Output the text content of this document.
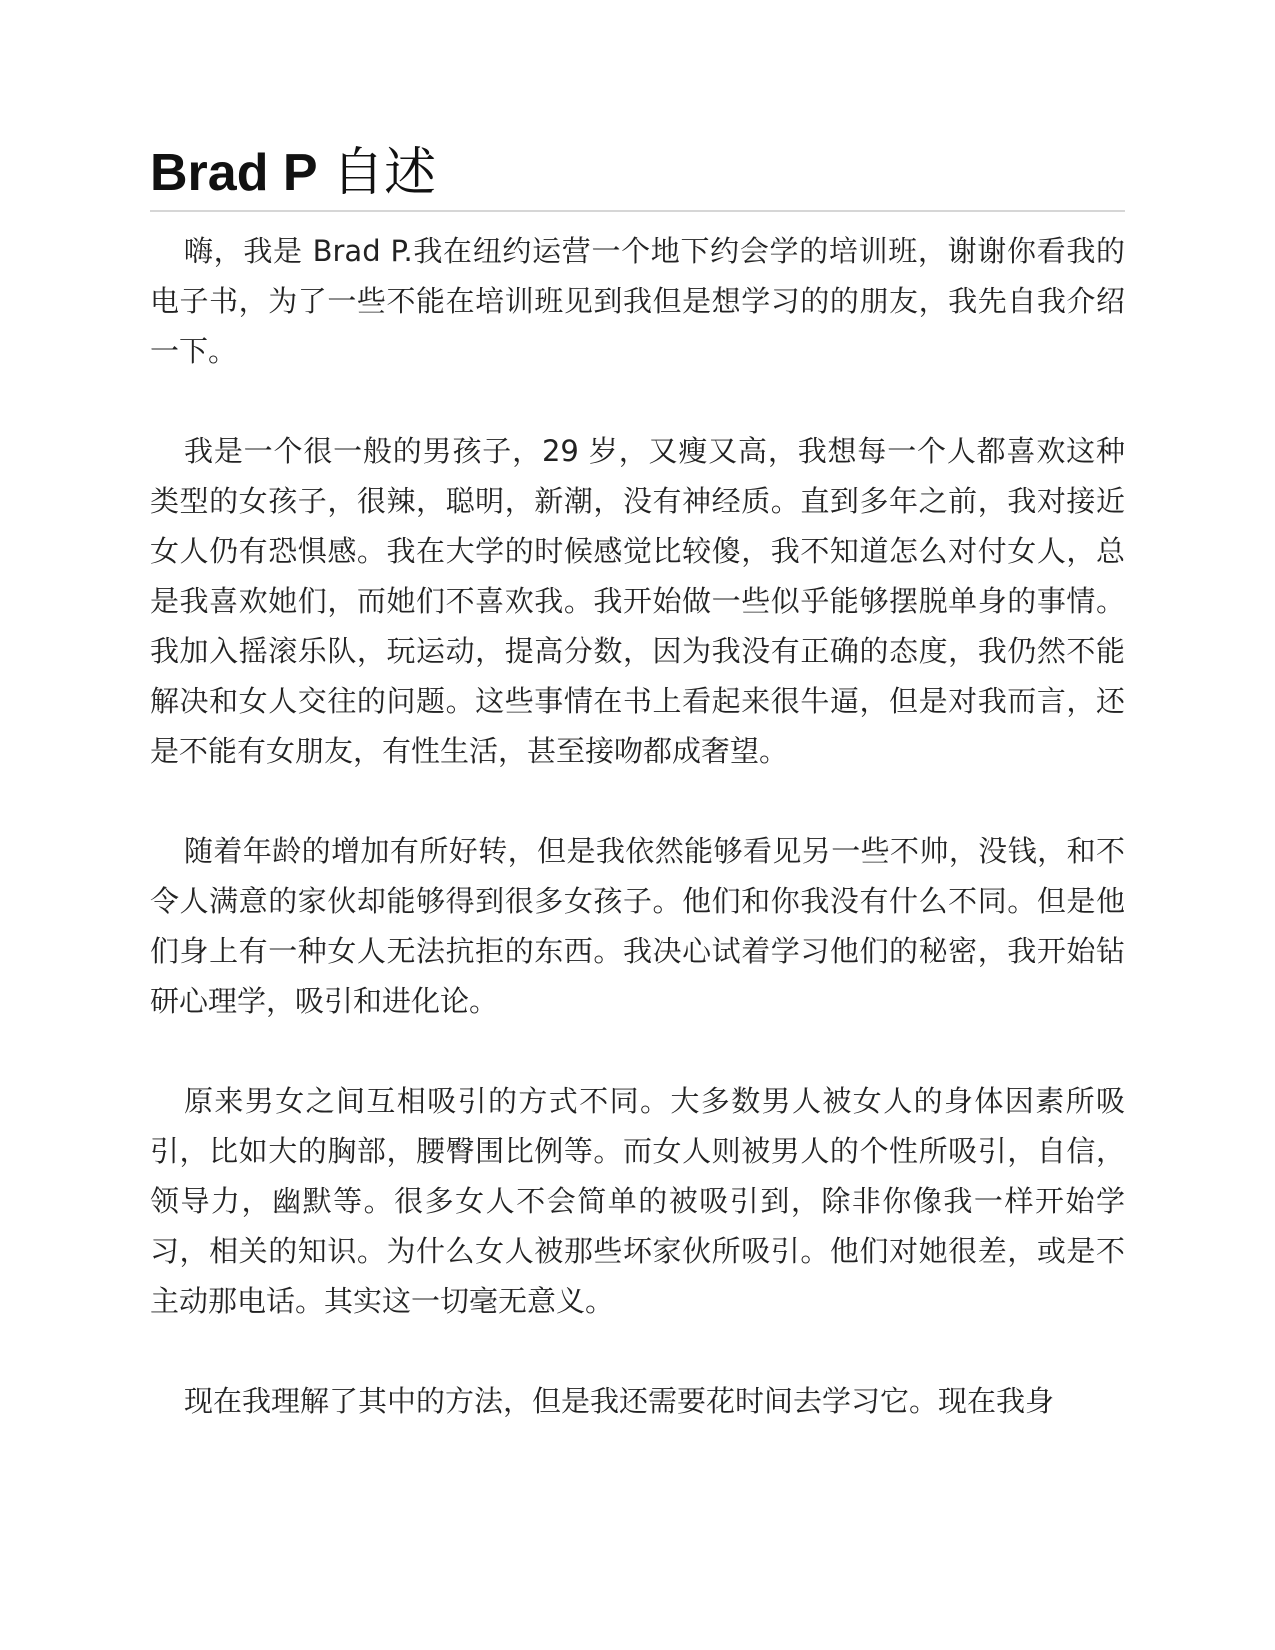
Brad P 自述

嗨，我是 Brad P.我在纽约运营一个地下约会学的培训班，谢谢你看我的电子书，为了一些不能在培训班见到我但是想学习的的朋友，我先自我介绍一下。

我是一个很一般的男孩子，29 岁，又瘦又高，我想每一个人都喜欢这种类型的女孩子，很辣，聪明，新潮，没有神经质。直到多年之前，我对接近女人仍有恐惧感。我在大学的时候感觉比较傻，我不知道怎么对付女人，总是我喜欢她们，而她们不喜欢我。我开始做一些似乎能够摆脱单身的事情。我加入摇滚乐队，玩运动，提高分数，因为我没有正确的态度，我仍然不能解决和女人交往的问题。这些事情在书上看起来很牛逼，但是对我而言，还是不能有女朋友，有性生活，甚至接吻都成奢望。

随着年龄的增加有所好转，但是我依然能够看见另一些不帅，没钱，和不令人满意的家伙却能够得到很多女孩子。他们和你我没有什么不同。但是他们身上有一种女人无法抗拒的东西。我决心试着学习他们的秘密，我开始钻研心理学，吸引和进化论。

原来男女之间互相吸引的方式不同。大多数男人被女人的身体因素所吸引，比如大的胸部，腰臀围比例等。而女人则被男人的个性所吸引，自信，领导力，幽默等。很多女人不会简单的被吸引到，除非你像我一样开始学习，相关的知识。为什么女人被那些坏家伙所吸引。他们对她很差，或是不主动那电话。其实这一切毫无意义。

现在我理解了其中的方法，但是我还需要花时间去学习它。现在我身
